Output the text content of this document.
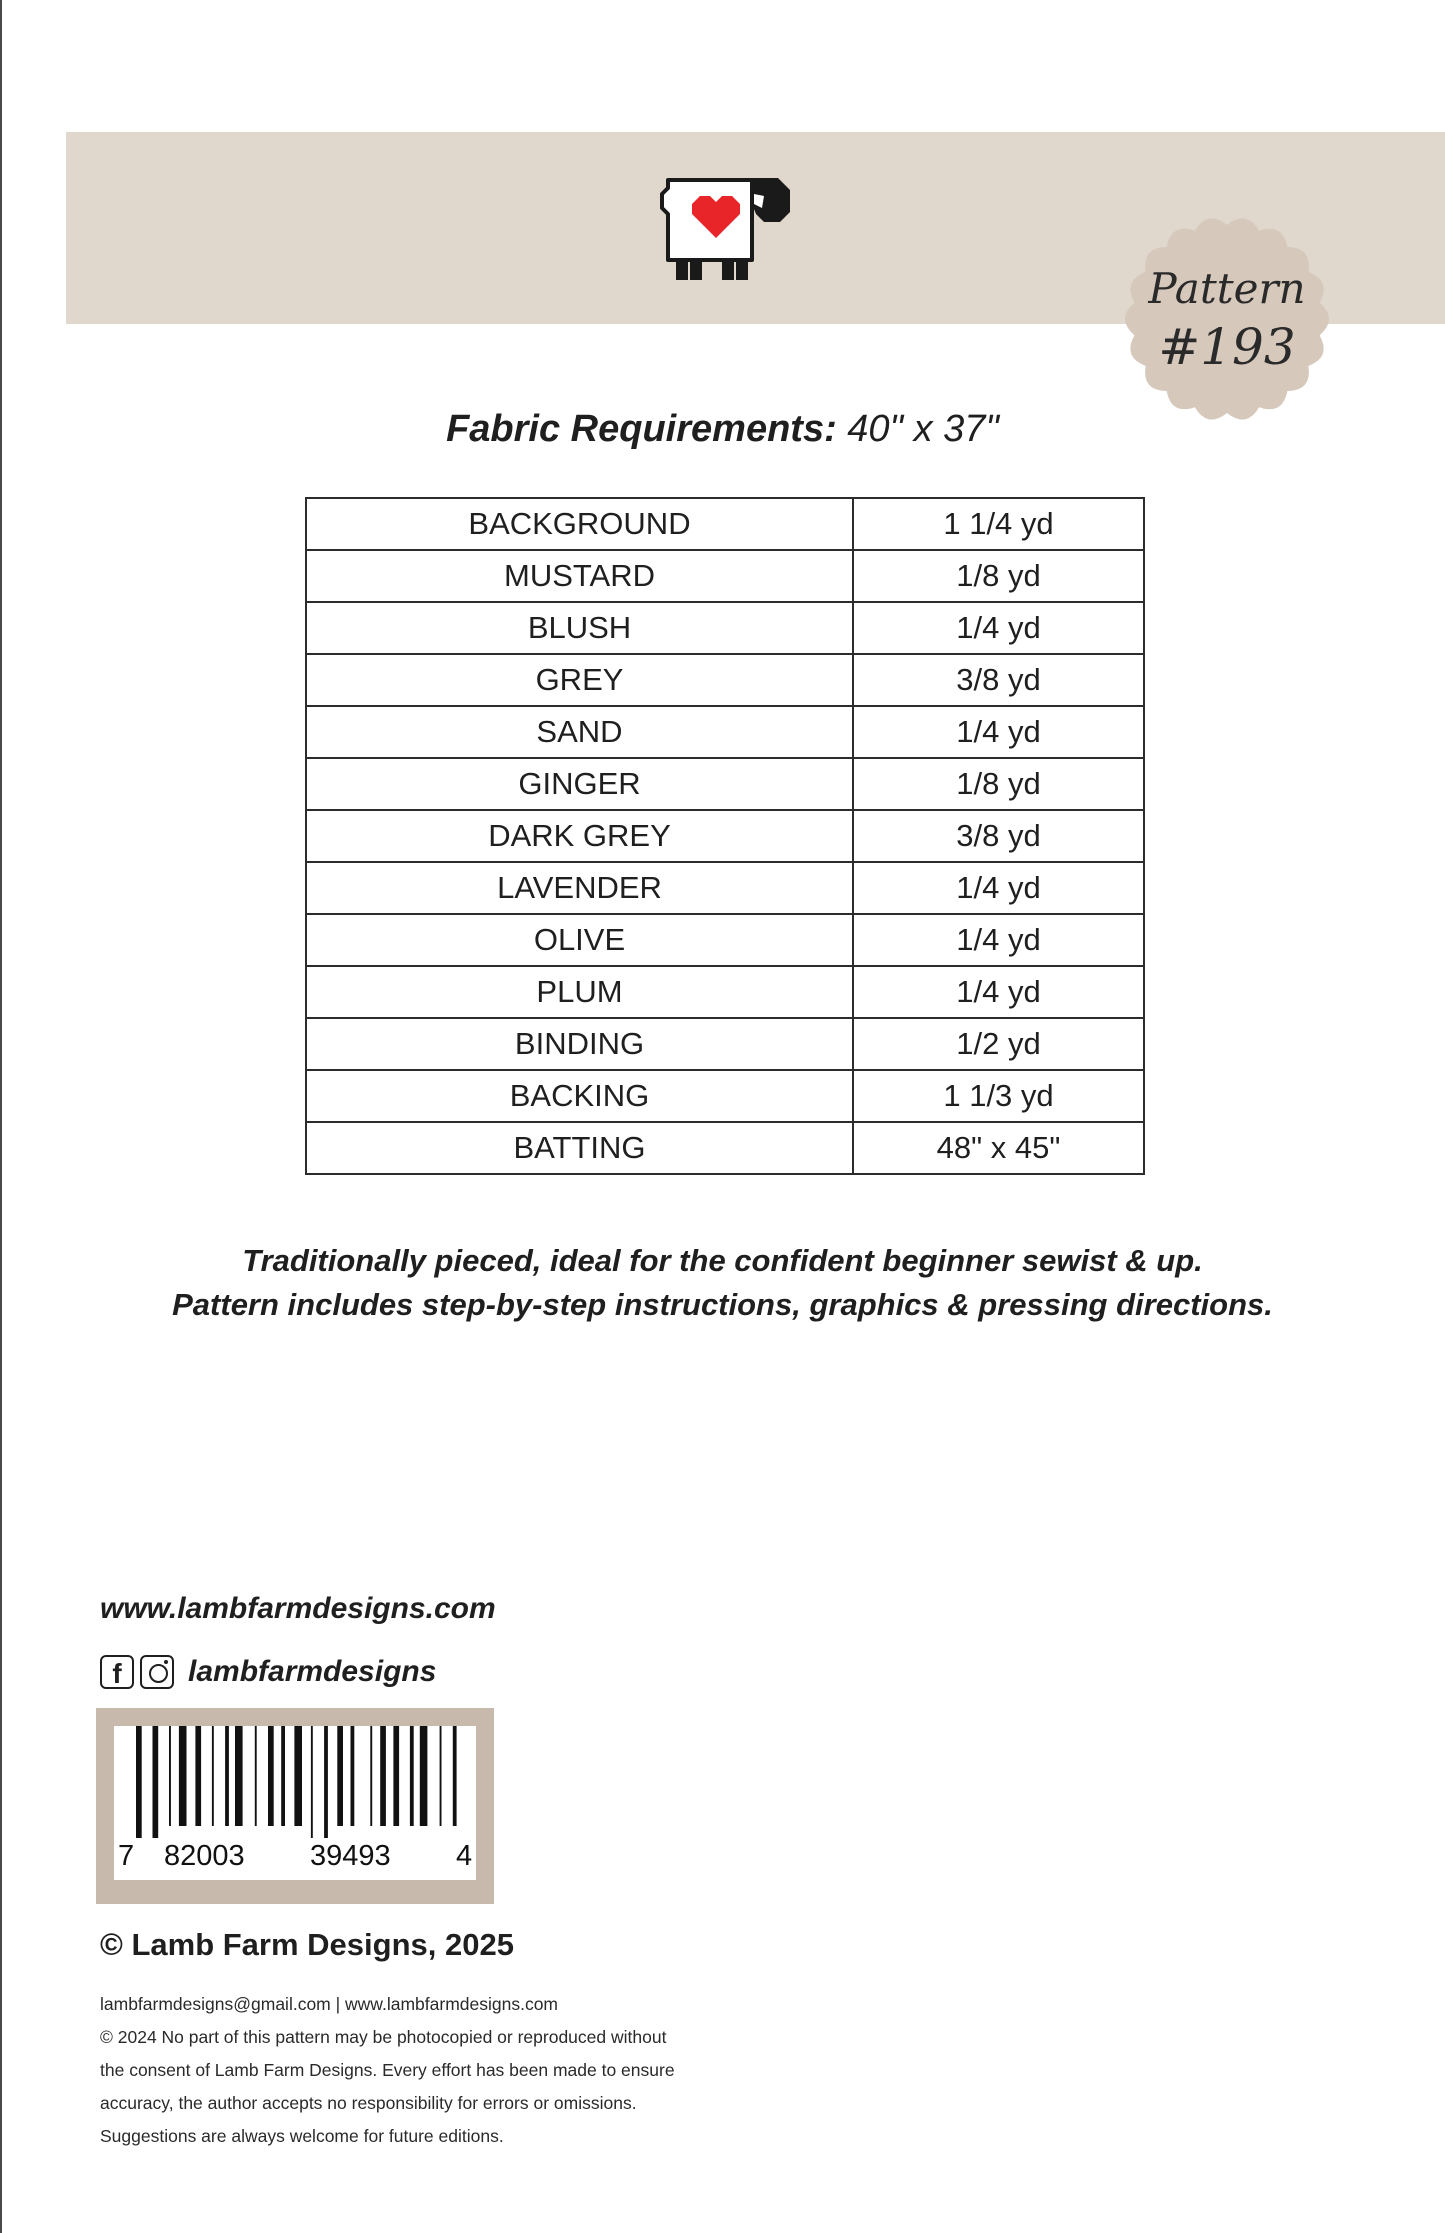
Pattern
#193
Fabric Requirements: 40" x 37"
BACKGROUND	1 1/4 yd
MUSTARD	1/8 yd
BLUSH	1/4 yd
GREY	3/8 yd
SAND	1/4 yd
GINGER	1/8 yd
DARK GREY	3/8 yd
LAVENDER	1/4 yd
OLIVE	1/4 yd
PLUM	1/4 yd
BINDING	1/2 yd
BACKING	1 1/3 yd
BATTING	48" x 45"
Traditionally pieced, ideal for the confident beginner sewist & up.
Pattern includes step-by-step instructions, graphics & pressing directions.
www.lambfarmdesigns.com
f	lambfarmdesigns
7 82003 39493 4
© Lamb Farm Designs, 2025
lambfarmdesigns@gmail.com | www.lambfarmdesigns.com
© 2024 No part of this pattern may be photocopied or reproduced without
the consent of Lamb Farm Designs. Every effort has been made to ensure
accuracy, the author accepts no responsibility for errors or omissions.
Suggestions are always welcome for future editions.
